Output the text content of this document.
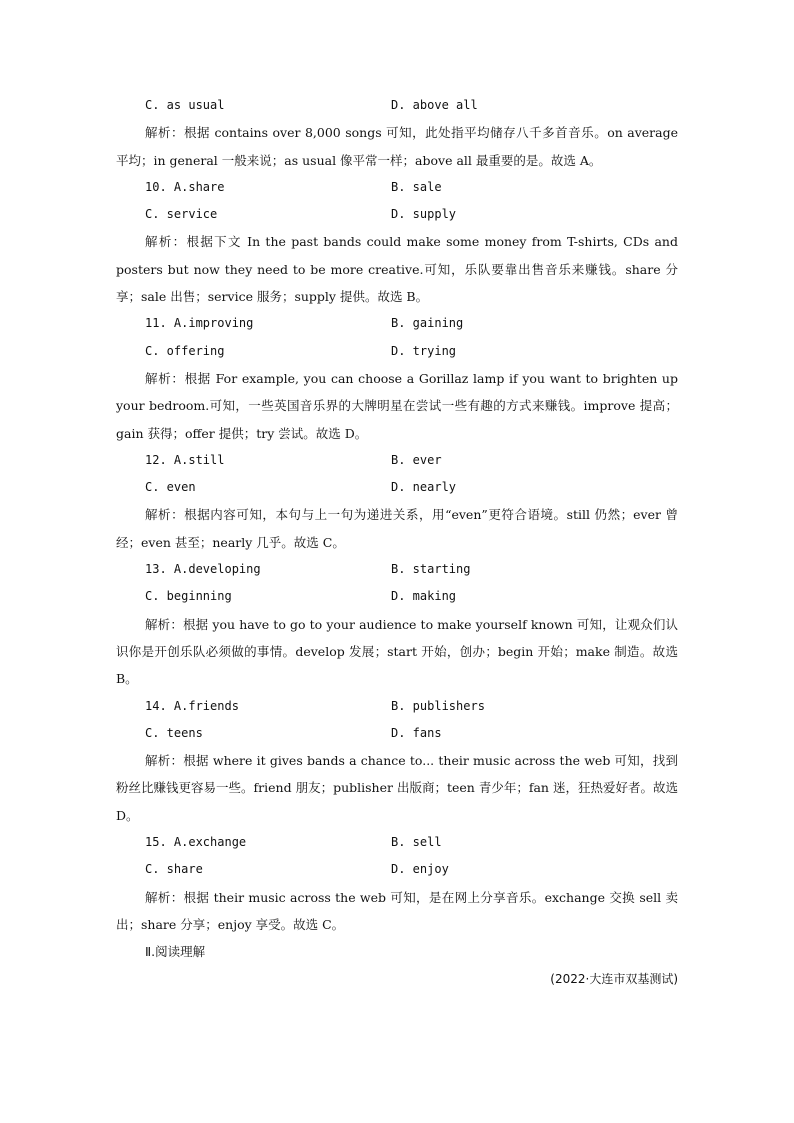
C. as usual	D. above all

解析：根据 contains over 8,000 songs 可知，此处指平均储存八千多首音乐。on average 平均；in general 一般来说；as usual 像平常一样；above all 最重要的是。故选 A。

10. A.share	B. sale
C. service	D. supply

解析：根据下文 In the past bands could make some money from T-shirts, CDs and posters but now they need to be more creative.可知，乐队要靠出售音乐来赚钱。share 分享；sale 出售；service 服务；supply 提供。故选 B。

11. A.improving	B. gaining
C. offering	D. trying

解析：根据 For example, you can choose a Gorillaz lamp if you want to brighten up your bedroom.可知，一些英国音乐界的大牌明星在尝试一些有趣的方式来赚钱。improve 提高；gain 获得；offer 提供；try 尝试。故选 D。

12. A.still	B. ever
C. even	D. nearly

解析：根据内容可知，本句与上一句为递进关系，用“even”更符合语境。still 仍然；ever 曾经；even 甚至；nearly 几乎。故选 C。

13. A.developing	B. starting
C. beginning	D. making

解析：根据 you have to go to your audience to make yourself known 可知，让观众们认识你是开创乐队必须做的事情。develop 发展；start 开始，创办；begin 开始；make 制造。故选 B。

14. A.friends	B. publishers
C. teens	D. fans

解析：根据 where it gives bands a chance to... their music across the web 可知，找到粉丝比赚钱更容易一些。friend 朋友；publisher 出版商；teen 青少年；fan 迷，狂热爱好者。故选 D。

15. A.exchange	B. sell
C. share	D. enjoy

解析：根据 their music across the web 可知，是在网上分享音乐。exchange 交换 sell 卖出；share 分享；enjoy 享受。故选 C。

Ⅱ.阅读理解
(2022·大连市双基测试)
